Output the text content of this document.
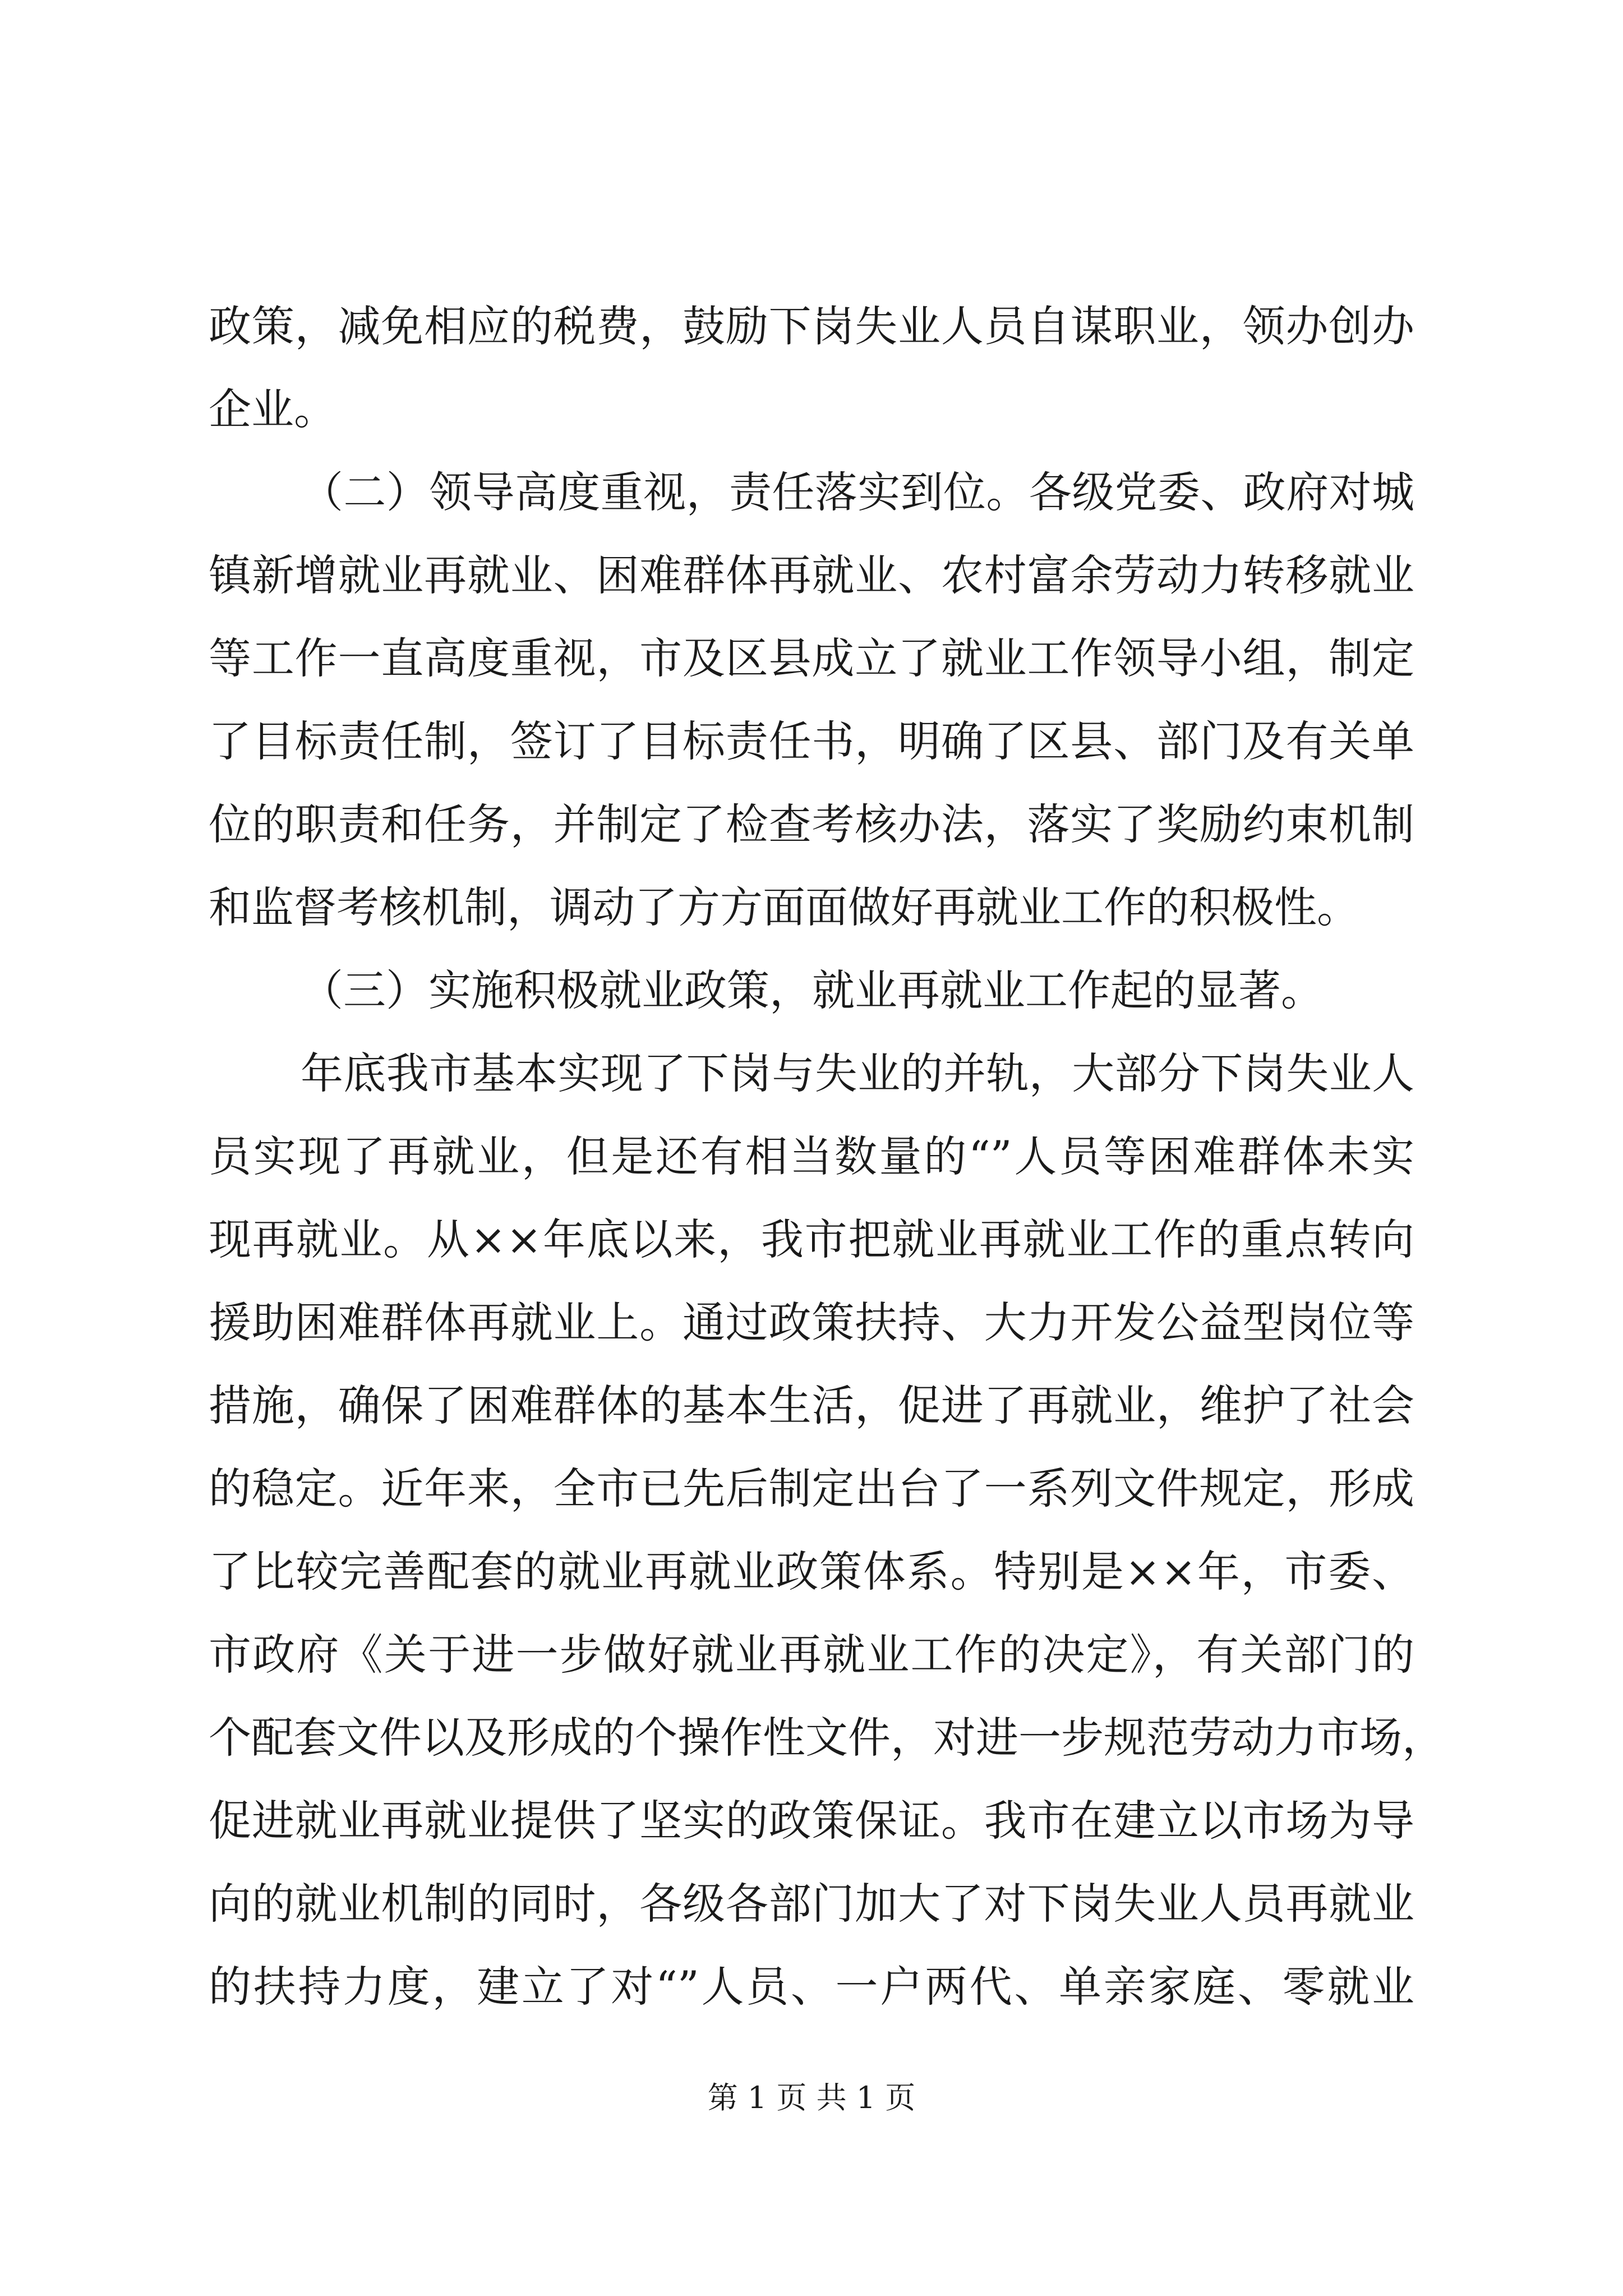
政策，减免相应的税费，鼓励下岗失业人员自谋职业，领办创办
企业。
（二）领导高度重视，责任落实到位。各级党委、政府对城
镇新增就业再就业、困难群体再就业、农村富余劳动力转移就业
等工作一直高度重视，市及区县成立了就业工作领导小组，制定
了目标责任制，签订了目标责任书，明确了区县、部门及有关单
位的职责和任务，并制定了检查考核办法，落实了奖励约束机制
和监督考核机制，调动了方方面面做好再就业工作的积极性。
（三）实施积极就业政策，就业再就业工作起的显著。
年底我市基本实现了下岗与失业的并轨，大部分下岗失业人
员实现了再就业，但是还有相当数量的“”人员等困难群体未实
现再就业。从××年底以来，我市把就业再就业工作的重点转向
援助困难群体再就业上。通过政策扶持、大力开发公益型岗位等
措施，确保了困难群体的基本生活，促进了再就业，维护了社会
的稳定。近年来，全市已先后制定出台了一系列文件规定，形成
了比较完善配套的就业再就业政策体系。特别是××年，市委、
市政府《关于进一步做好就业再就业工作的决定》，有关部门的
个配套文件以及形成的个操作性文件，对进一步规范劳动力市场，
促进就业再就业提供了坚实的政策保证。我市在建立以市场为导
向的就业机制的同时，各级各部门加大了对下岗失业人员再就业
的扶持力度，建立了对“”人员、一户两代、单亲家庭、零就业
第 1 页 共 1 页
